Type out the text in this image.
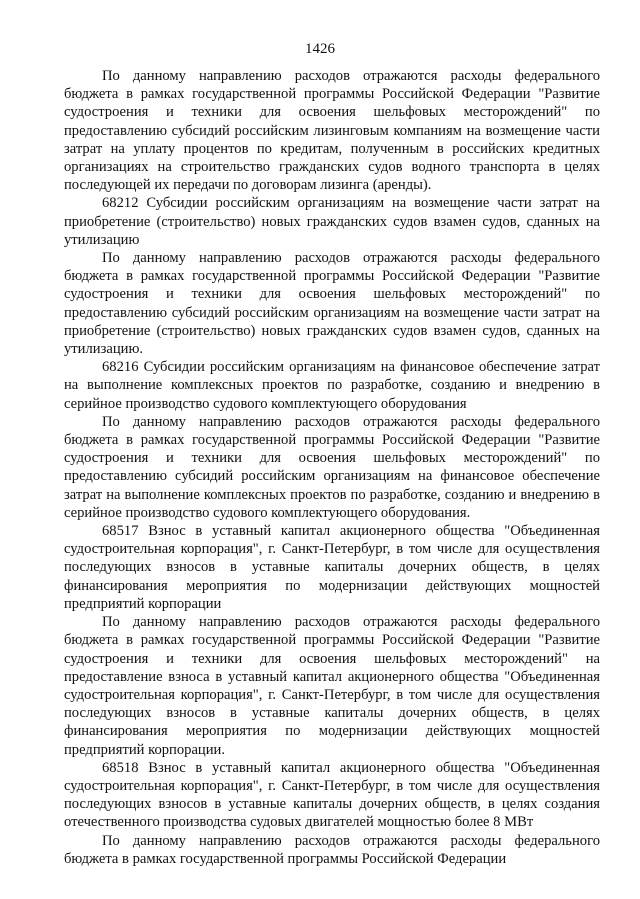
1426

По данному направлению расходов отражаются расходы федерального бюджета в рамках государственной программы Российской Федерации "Развитие судостроения и техники для освоения шельфовых месторождений" по предоставлению субсидий российским лизинговым компаниям на возмещение части затрат на уплату процентов по кредитам, полученным в российских кредитных организациях на строительство гражданских судов водного транспорта в целях последующей их передачи по договорам лизинга (аренды).

68212 Субсидии российским организациям на возмещение части затрат на приобретение (строительство) новых гражданских судов взамен судов, сданных на утилизацию

По данному направлению расходов отражаются расходы федерального бюджета в рамках государственной программы Российской Федерации "Развитие судостроения и техники для освоения шельфовых месторождений" по предоставлению субсидий российским организациям на возмещение части затрат на приобретение (строительство) новых гражданских судов взамен судов, сданных на утилизацию.

68216 Субсидии российским организациям на финансовое обеспечение затрат на выполнение комплексных проектов по разработке, созданию и внедрению в серийное производство судового комплектующего оборудования

По данному направлению расходов отражаются расходы федерального бюджета в рамках государственной программы Российской Федерации "Развитие судостроения и техники для освоения шельфовых месторождений" по предоставлению субсидий российским организациям на финансовое обеспечение затрат на выполнение комплексных проектов по разработке, созданию и внедрению в серийное производство судового комплектующего оборудования.

68517 Взнос в уставный капитал акционерного общества "Объединенная судостроительная корпорация", г. Санкт-Петербург, в том числе для осуществления последующих взносов в уставные капиталы дочерних обществ, в целях финансирования мероприятия по модернизации действующих мощностей предприятий корпорации

По данному направлению расходов отражаются расходы федерального бюджета в рамках государственной программы Российской Федерации "Развитие судостроения и техники для освоения шельфовых месторождений" на предоставление взноса в уставный капитал акционерного общества "Объединенная судостроительная корпорация", г. Санкт-Петербург, в том числе для осуществления последующих взносов в уставные капиталы дочерних обществ, в целях финансирования мероприятия по модернизации действующих мощностей предприятий корпорации.

68518 Взнос в уставный капитал акционерного общества "Объединенная судостроительная корпорация", г. Санкт-Петербург, в том числе для осуществления последующих взносов в уставные капиталы дочерних обществ, в целях создания отечественного производства судовых двигателей мощностью более 8 МВт

По данному направлению расходов отражаются расходы федерального бюджета в рамках государственной программы Российской Федерации
